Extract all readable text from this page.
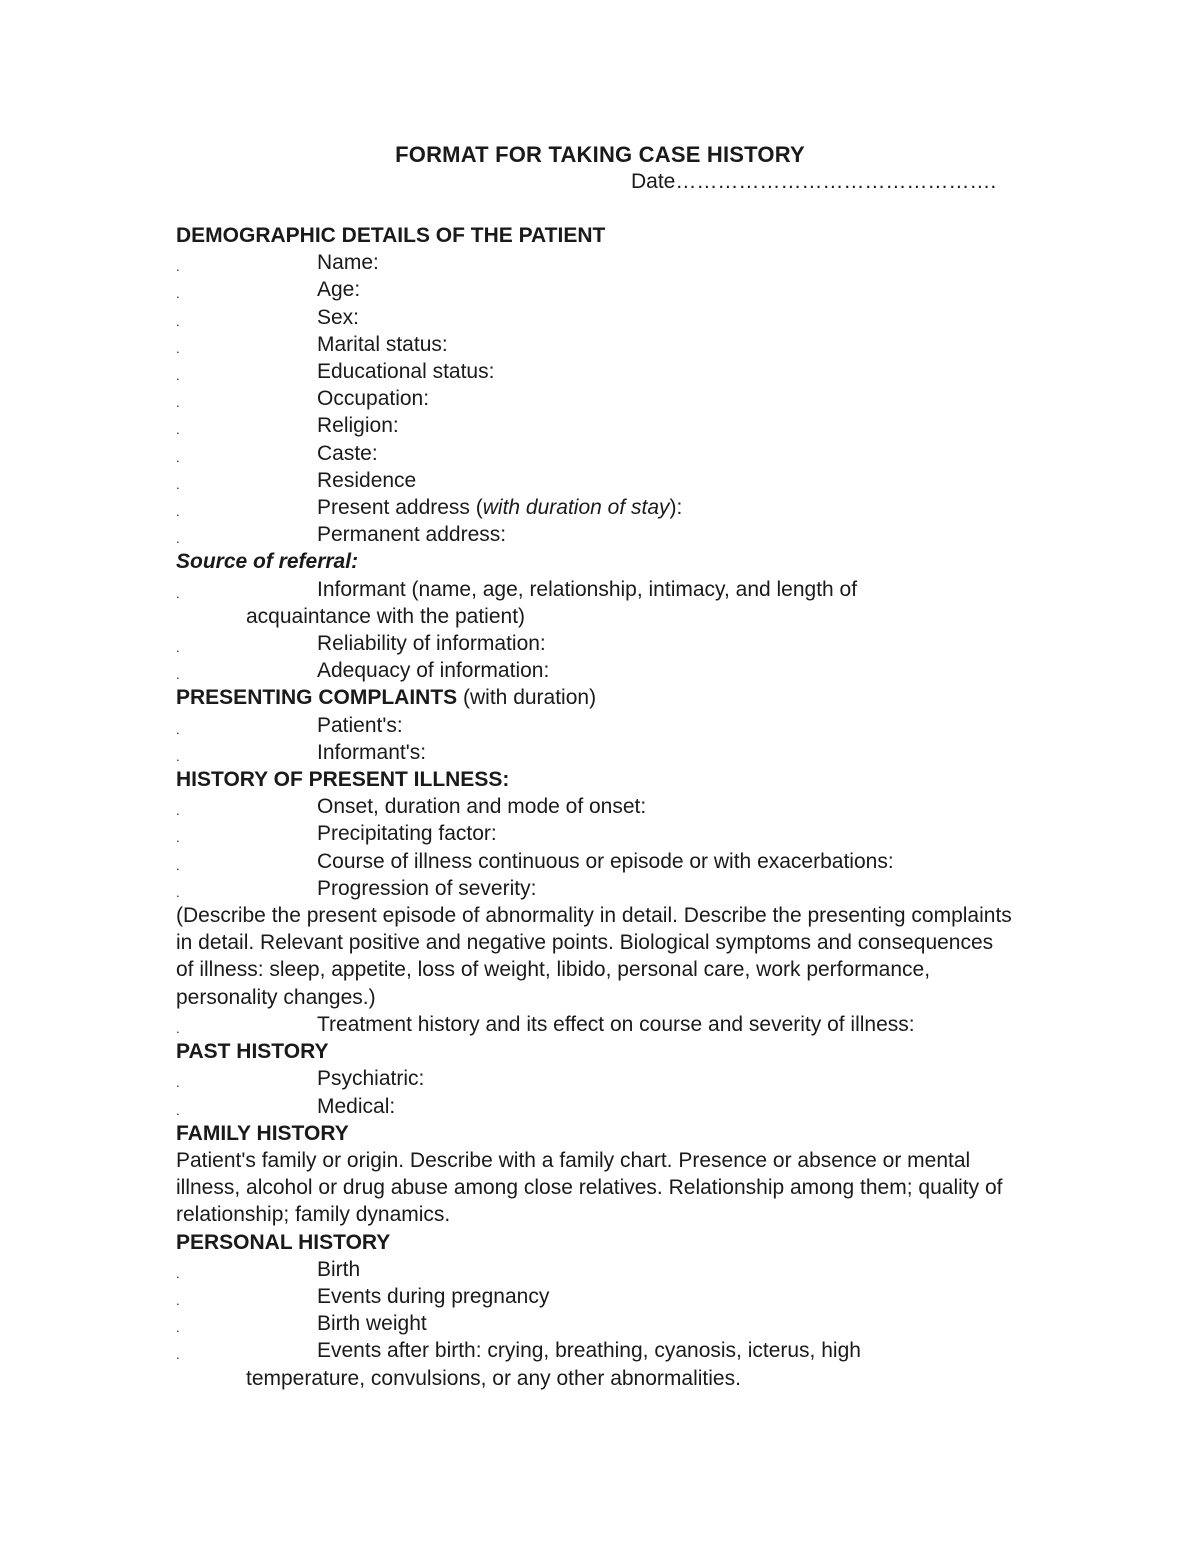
FORMAT FOR TAKING CASE HISTORY
Date……………………………………….
DEMOGRAPHIC DETAILS OF THE PATIENT
.	Name:
.	Age:
.	Sex:
.	Marital status:
.	Educational status:
.	Occupation:
.	Religion:
.	Caste:
.	Residence
.	Present address (with duration of stay):
.	Permanent address:
Source of referral:
.	Informant (name, age, relationship, intimacy, and length of
acquaintance with the patient)
.	Reliability of information:
.	Adequacy of information:
PRESENTING COMPLAINTS (with duration)
.	Patient's:
.	Informant's:
HISTORY OF PRESENT ILLNESS:
.	Onset, duration and mode of onset:
.	Precipitating factor:
.	Course of illness continuous or episode or with exacerbations:
.	Progression of severity:
(Describe the present episode of abnormality in detail. Describe the presenting complaints in detail. Relevant positive and negative points. Biological symptoms and consequences of illness: sleep, appetite, loss of weight, libido, personal care, work performance, personality changes.)
.	Treatment history and its effect on course and severity of illness:
PAST HISTORY
.	Psychiatric:
.	Medical:
FAMILY HISTORY
Patient's family or origin. Describe with a family chart. Presence or absence or mental illness, alcohol or drug abuse among close relatives. Relationship among them; quality of relationship; family dynamics.
PERSONAL HISTORY
.	Birth
.	Events during pregnancy
.	Birth weight
.	Events after birth: crying, breathing, cyanosis, icterus, high
temperature, convulsions, or any other abnormalities.
